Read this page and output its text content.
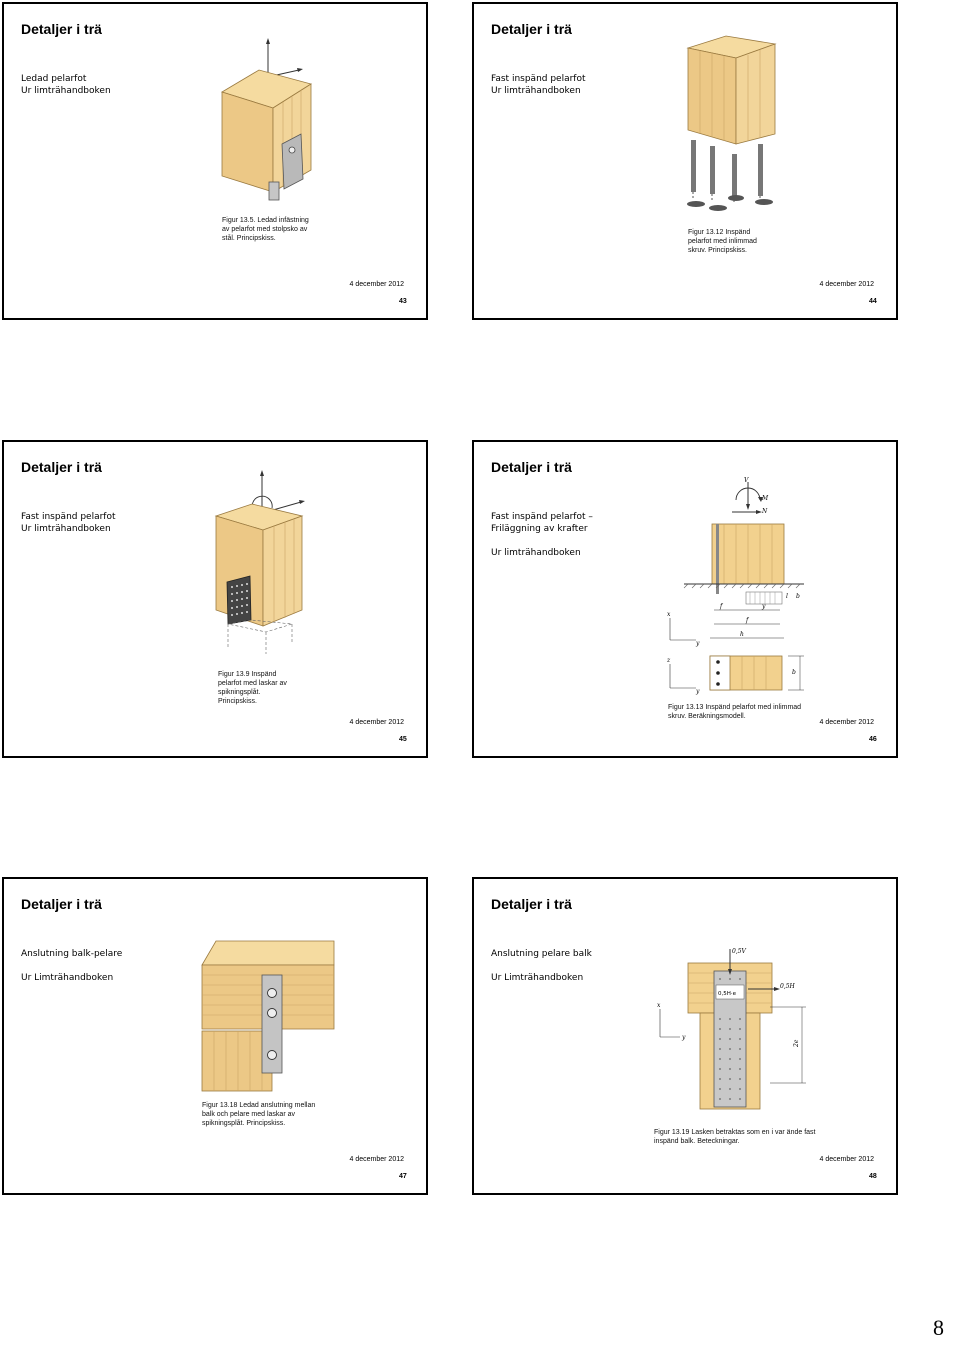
Detaljer i trä
Ledad pelarfot
Ur limträhandboken
Figur 13.5. Ledad infästning av pelarfot med stolpsko av stål. Principskiss.
4 december 2012
43
Detaljer i trä
Fast inspänd pelarfot
Ur limträhandboken
Figur 13.12 Inspänd pelarfot med inlimmad skruv. Principskiss.
4 december 2012
44
Detaljer i trä
Fast inspänd pelarfot
Ur limträhandboken
Figur 13.9 Inspänd pelarfot med laskar av spikningsplåt. Principskiss.
4 december 2012
45
Detaljer i trä
Fast inspänd pelarfot –
Friläggning av krafter
Ur limträhandboken
V
M
N
l b
f	y
f
h
x
y
b
z
y
Figur 13.13 Inspänd pelarfot med inlimmad skruv. Beräkningsmodell.
4 december 2012
46
Detaljer i trä
Anslutning balk-pelare
Ur Limträhandboken
Figur 13.18 Ledad anslutning mellan balk och pelare med laskar av spikningsplåt. Principskiss.
4 december 2012
47
Detaljer i trä
Anslutning pelare balk
Ur Limträhandboken
0,5H·e
0,5V
0,5H
2e
x
y
Figur 13.19 Lasken betraktas som en i var ände fast inspänd balk. Beteckningar.
4 december 2012
48
8
